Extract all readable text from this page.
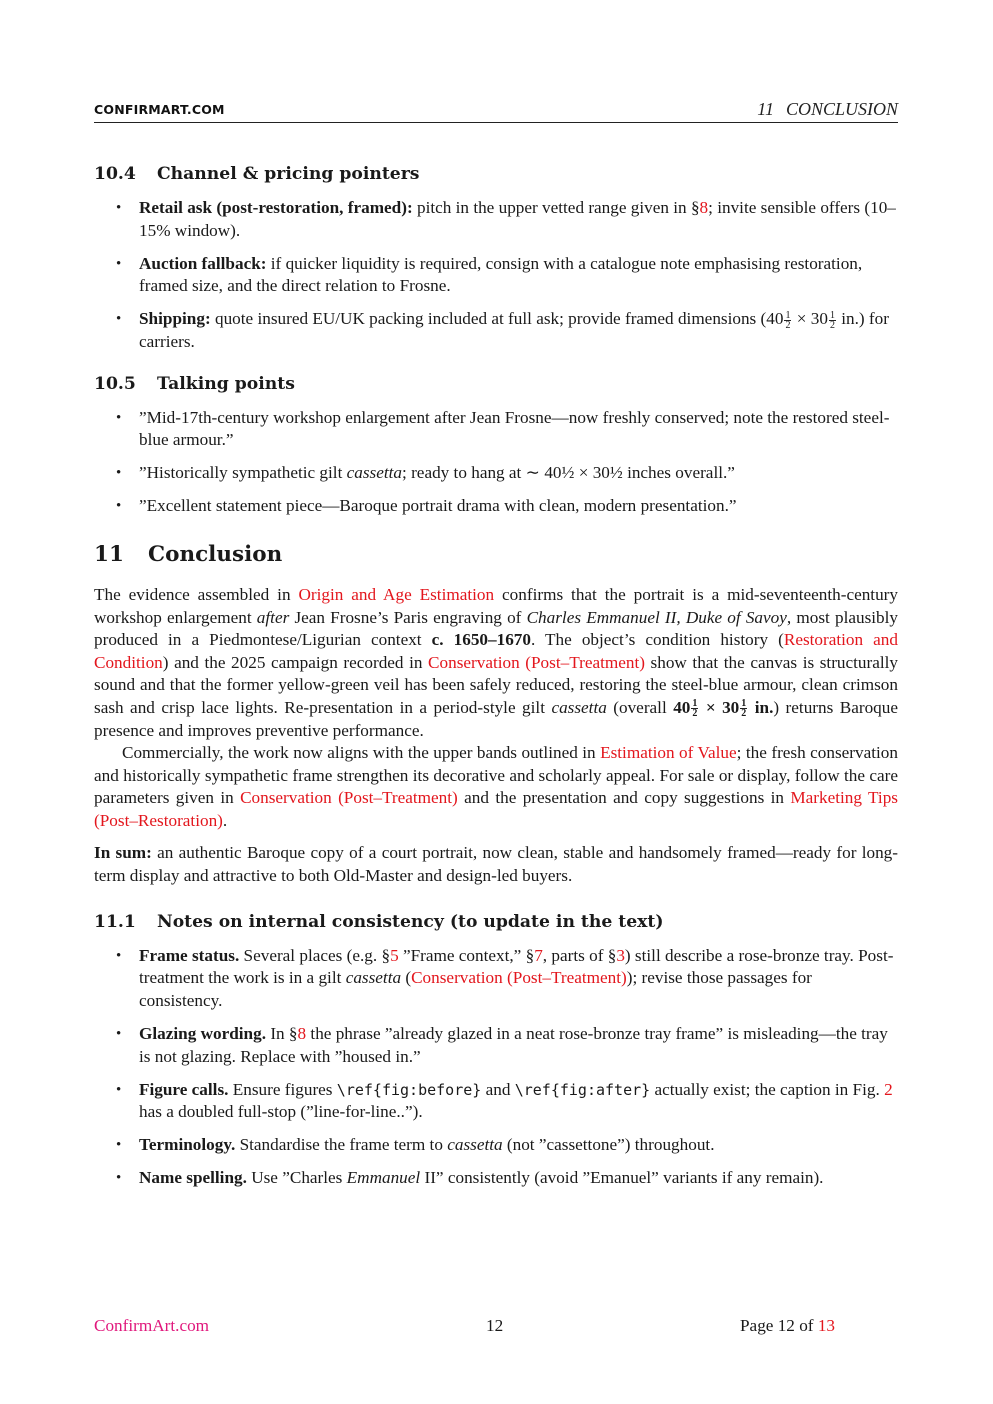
CONFIRMART.COM	11 CONCLUSION
10.4 Channel & pricing pointers
• Retail ask (post-restoration, framed): pitch in the upper vetted range given in §8; invite sensible offers (10–15% window).
• Auction fallback: if quicker liquidity is required, consign with a catalogue note emphasising restoration, framed size, and the direct relation to Frosne.
• Shipping: quote insured EU/UK packing included at full ask; provide framed dimensions $(40 \frac{1}{2} \times 30 \frac{1}{2} in.)$ for carriers.
10.5 Talking points
• ”Mid-17th-century workshop enlargement after Jean Frosne—now freshly conserved; note the restored steel-blue armour.”
• ”Historically sympathetic gilt cassetta; ready to hang at ∼ 40½ × 30½ inches overall.”
• ”Excellent statement piece—Baroque portrait drama with clean, modern presentation.”
11 Conclusion

The evidence assembled in Origin and Age Estimation confirms that the portrait is a mid-seventeenth-century workshop enlargement after Jean Frosne’s Paris engraving of Charles Emmanuel II, Duke of Savoy, most plausibly produced in a Piedmontese/Ligurian context c. 1650–1670. The object’s condition history (Restoration and Condition) and the 2025 campaign recorded in Conservation (Post–Treatment) show that the canvas is structurally sound and that the former yellow-green veil has been safely reduced, restoring the steel-blue armour, clean crimson sash and crisp lace lights. Re-presentation in a period-style gilt cassetta (overall $40 \frac{1}{2} \times 30 \frac{1}{2} in$.) returns Baroque presence and improves preventive performance.

Commercially, the work now aligns with the upper bands outlined in Estimation of Value; the fresh conservation and historically sympathetic frame strengthen its decorative and scholarly appeal. For sale or display, follow the care parameters given in Conservation (Post–Treatment) and the presentation and copy suggestions in Marketing Tips (Post–Restoration).

In sum: an authentic Baroque copy of a court portrait, now clean, stable and handsomely framed—ready for long-term display and attractive to both Old-Master and design-led buyers.

11.1 Notes on internal consistency (to update in the text)
• Frame status. Several places (e.g. §5 ”Frame context,” §7, parts of §3) still describe a rose-bronze tray. Post-treatment the work is in a gilt cassetta (Conservation (Post–Treatment)); revise those passages for consistency.
• Glazing wording. In §8 the phrase ”already glazed in a neat rose-bronze tray frame” is misleading—the tray is not glazing. Replace with ”housed in.”
• Figure calls. Ensure figures \ref{fig:before} and \ref{fig:after} actually exist; the caption in Fig. 2 has a doubled full-stop (”line-for-line..”).
• Terminology. Standardise the frame term to cassetta (not ”cassettone”) throughout.
• Name spelling. Use ”Charles Emmanuel II” consistently (avoid ”Emanuel” variants if any remain).
ConfirmArt.com	12	Page 12 of 13
